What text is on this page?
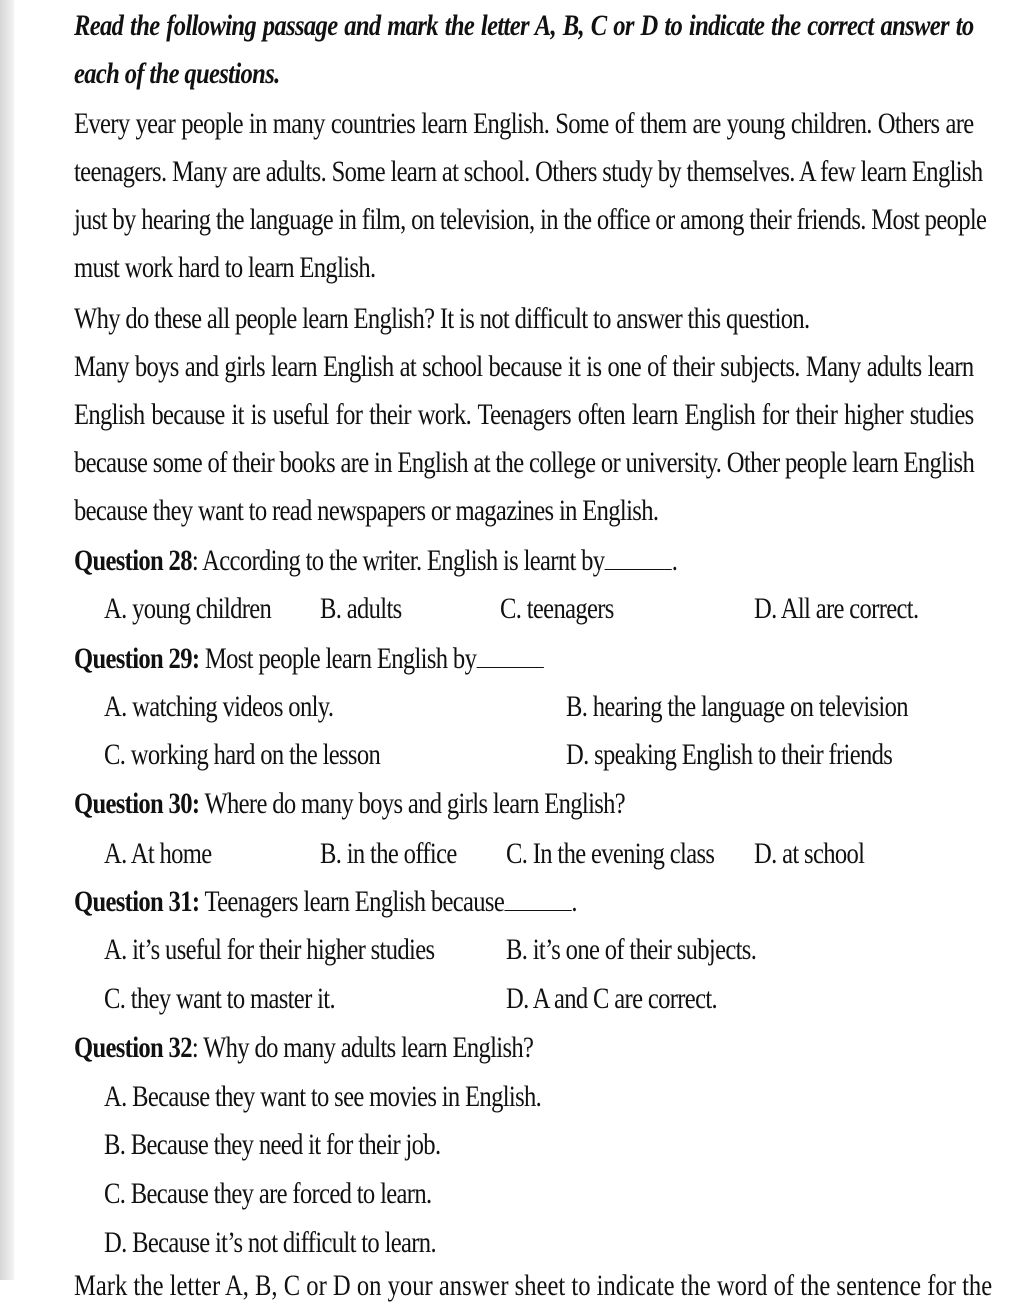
Read the following passage and mark the letter A, B, C or D to indicate the correct answer to
each of the questions.
Every year people in many countries learn English. Some of them are young children. Others are
teenagers. Many are adults. Some learn at school. Others study by themselves. A few learn English
just by hearing the language in film, on television, in the office or among their friends. Most people
must work hard to learn English.
Why do these all people learn English? It is not difficult to answer this question.
Many boys and girls learn English at school because it is one of their subjects. Many adults learn
English because it is useful for their work. Teenagers often learn English for their higher studies
because some of their books are in English at the college or university. Other people learn English
because they want to read newspapers or magazines in English.
Question 28: According to the writer. English is learnt by .
A. young children B. adults	C. teenagers	D. All are correct.
Question 29: Most people learn English by
A. watching videos only.	B. hearing the language on television
C. working hard on the lesson	D. speaking English to their friends
Question 30: Where do many boys and girls learn English?
A. At home	B. in the office C. In the evening class D. at school
Question 31: Teenagers learn English because .
A. it’s useful for their higher studies B. it’s one of their subjects.
C. they want to master it.	D. A and C are correct.
Question 32: Why do many adults learn English?
A. Because they want to see movies in English.
B. Because they need it for their job.
C. Because they are forced to learn.
D. Because it’s not difficult to learn.
Mark the letter A, B, C or D on your answer sheet to indicate the word of the sentence for the
